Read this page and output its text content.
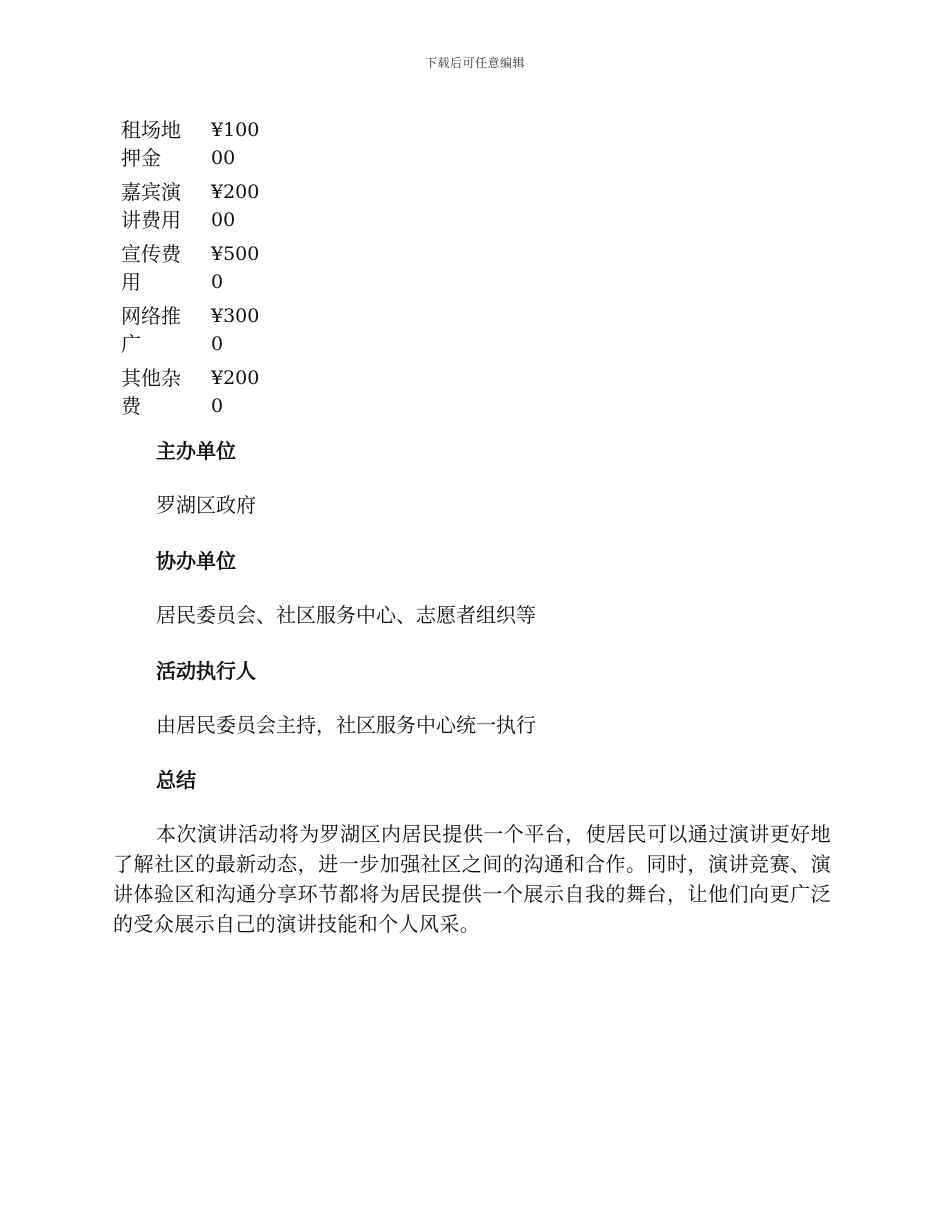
下载后可任意编辑
租场地押金
¥10000
嘉宾演讲费用
¥20000
宣传费用
¥5000
网络推广
¥3000
其他杂费
¥2000
主办单位
罗湖区政府
协办单位
居民委员会、社区服务中心、志愿者组织等
活动执行人
由居民委员会主持，社区服务中心统一执行
总结
本次演讲活动将为罗湖区内居民提供一个平台，使居民可以通过演讲更好地了解社区的最新动态，进一步加强社区之间的沟通和合作。同时，演讲竞赛、演讲体验区和沟通分享环节都将为居民提供一个展示自我的舞台，让他们向更广泛的受众展示自己的演讲技能和个人风采。
